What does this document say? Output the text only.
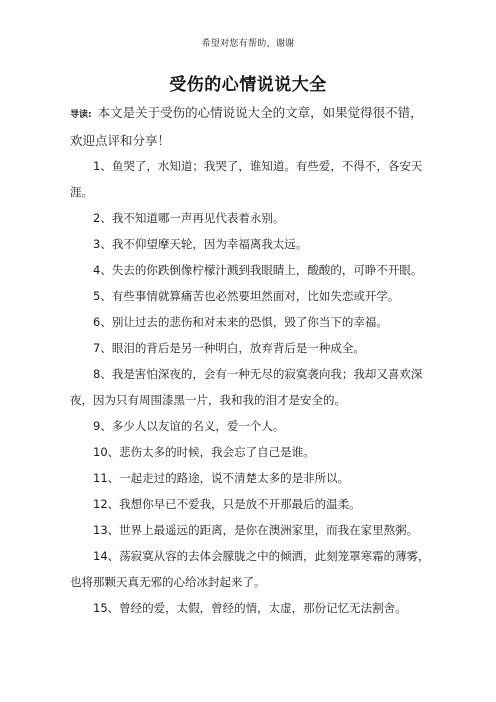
希望对您有帮助，谢谢
受伤的心情说说大全
导读: 本文是关于受伤的心情说说大全的文章，如果觉得很不错，欢迎点评和分享！

1、鱼哭了，水知道；我哭了，谁知道。有些爱，不得不，各安天涯。

2、我不知道哪一声再见代表着永别。

3、我不仰望摩天轮，因为幸福离我太远。

4、失去的你跌倒像柠檬汁溅到我眼睛上，酸酸的，可睁不开眼。

5、有些事情就算痛苦也必然要坦然面对，比如失恋或开学。

6、别让过去的悲伤和对未来的恐惧，毁了你当下的幸福。

7、眼泪的背后是另一种明白，放弃背后是一种成全。

8、我是害怕深夜的，会有一种无尽的寂寞袭向我；我却又喜欢深夜，因为只有周围漆黑一片，我和我的泪才是安全的。

9、多少人以友谊的名义，爱一个人。

10、悲伤太多的时候，我会忘了自己是谁。

11、一起走过的路途，说不清楚太多的是非所以。

12、我想你早已不爱我，只是放不开那最后的温柔。

13、世界上最遥远的距离，是你在澳洲家里，而我在家里熬粥。

14、荡寂寞从容的去体会朦胧之中的倾洒，此刻笼罩寒霜的薄雾，也将那颗天真无邪的心给冰封起来了。

15、曾经的爱，太假，曾经的情，太虚，那份记忆无法割舍。
